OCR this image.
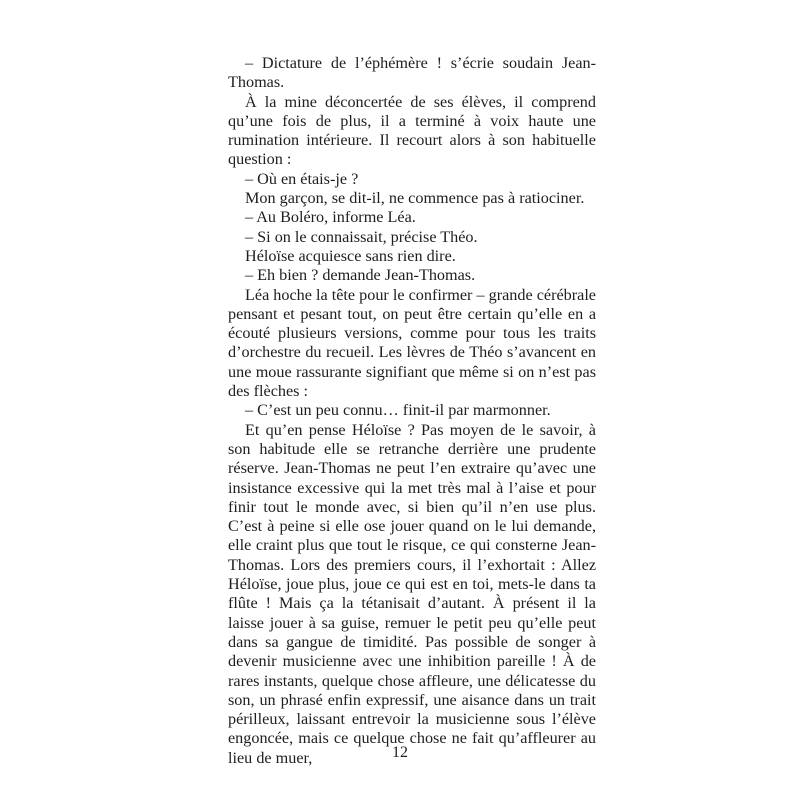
– Dictature de l’éphémère ! s’écrie soudain Jean-Thomas.

À la mine déconcertée de ses élèves, il comprend qu’une fois de plus, il a terminé à voix haute une rumination intérieure. Il recourt alors à son habituelle question :

– Où en étais-je ?

Mon garçon, se dit-il, ne commence pas à ratiociner.

– Au Boléro, informe Léa.

– Si on le connaissait, précise Théo.

Héloïse acquiesce sans rien dire.

– Eh bien ? demande Jean-Thomas.

Léa hoche la tête pour le confirmer – grande cérébrale pensant et pesant tout, on peut être certain qu’elle en a écouté plusieurs versions, comme pour tous les traits d’orchestre du recueil. Les lèvres de Théo s’avancent en une moue rassurante signifiant que même si on n’est pas des flèches :

– C’est un peu connu… finit-il par marmonner.

Et qu’en pense Héloïse ? Pas moyen de le savoir, à son habitude elle se retranche derrière une prudente réserve. Jean-Thomas ne peut l’en extraire qu’avec une insistance excessive qui la met très mal à l’aise et pour finir tout le monde avec, si bien qu’il n’en use plus. C’est à peine si elle ose jouer quand on le lui demande, elle craint plus que tout le risque, ce qui consterne Jean-Thomas. Lors des premiers cours, il l’exhortait : Allez Héloïse, joue plus, joue ce qui est en toi, mets-le dans ta flûte ! Mais ça la tétanisait d’autant. À présent il la laisse jouer à sa guise, remuer le petit peu qu’elle peut dans sa gangue de timidité. Pas possible de songer à devenir musicienne avec une inhibition pareille ! À de rares instants, quelque chose affleure, une délicatesse du son, un phrasé enfin expressif, une aisance dans un trait périlleux, laissant entrevoir la musicienne sous l’élève engoncée, mais ce quelque chose ne fait qu’affleurer au lieu de muer,	12
